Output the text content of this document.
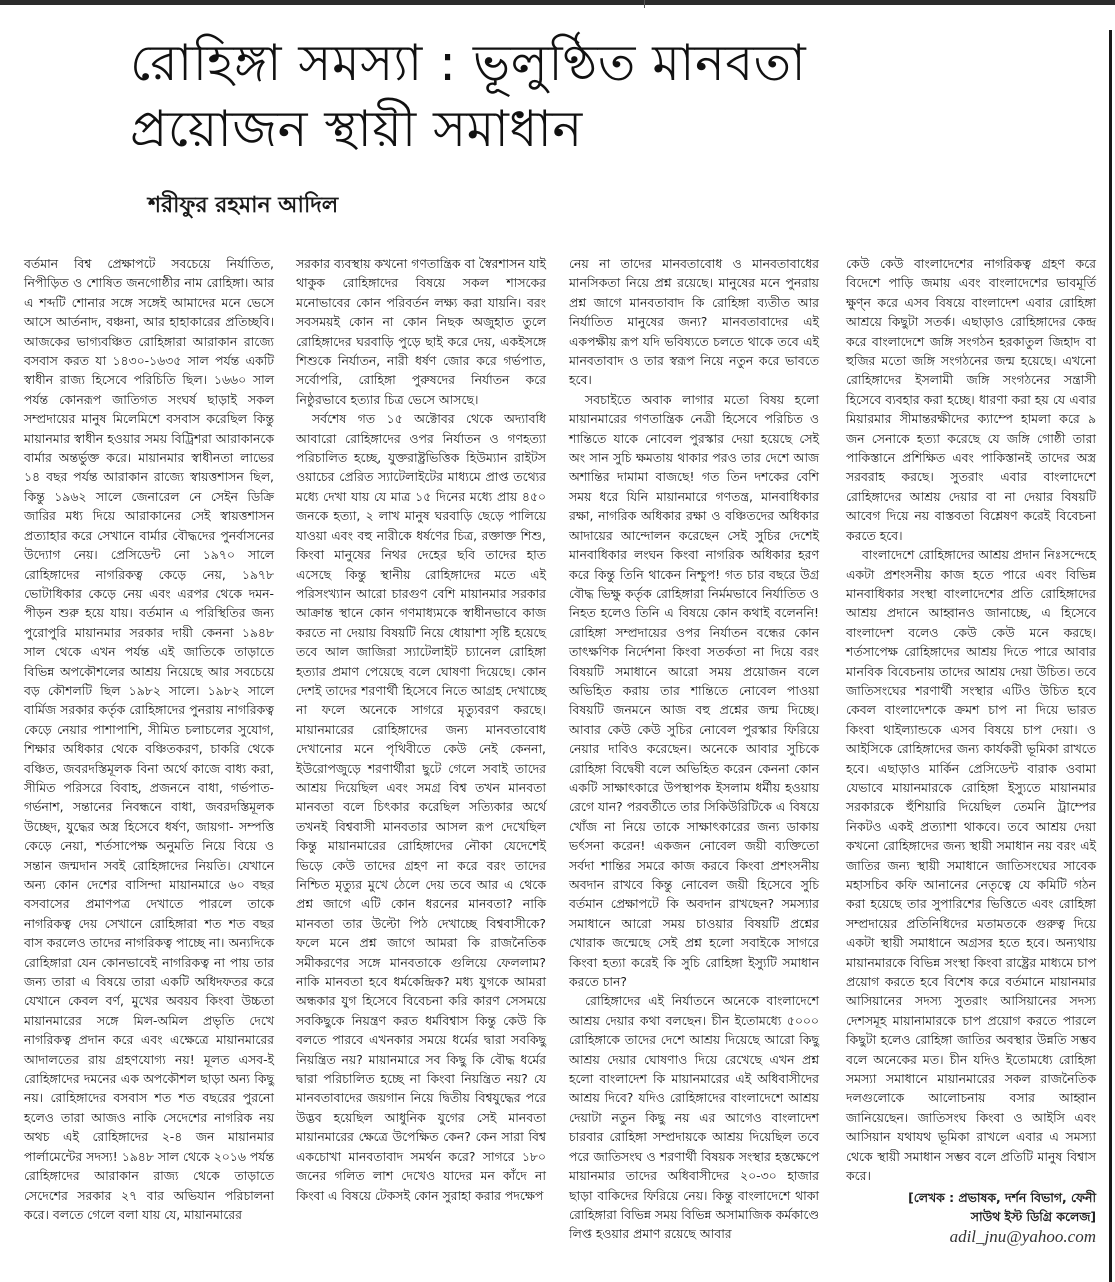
রোহিঙ্গা সমস্যা : ভূলুণ্ঠিত মানবতা
প্রয়োজন স্থায়ী সমাধান
শরীফুর রহমান আদিল

বর্তমান বিশ্ব প্রেক্ষাপটে সবচেয়ে নির্যাতিত, নিপীড়িত ও শোষিত জনগোষ্ঠীর নাম রোহিঙ্গা। আর এ শব্দটি শোনার সঙ্গে সঙ্গেই আমাদের মনে ভেসে আসে আর্তনাদ, বঞ্চনা, আর হাহাকারের প্রতিচ্ছবি। আজকের ভাগ্যবঞ্চিত রোহিঙ্গারা আরাকান রাজ্যে বসবাস করত যা ১৪৩০-১৬৩৫ সাল পর্যন্ত একটি স্বাধীন রাজ্য হিসেবে পরিচিতি ছিল। ১৬৬০ সাল পর্যন্ত কোনরূপ জাতিগত সংঘর্ষ ছাড়াই সকল সম্প্রদায়ের মানুষ মিলেমিশে বসবাস করেছিল কিন্তু মায়ানমার স্বাধীন হওয়ার সময় বিট্রিশরা আরাকানকে বার্মার অন্তর্ভুক্ত করে। মায়ানমার স্বাধীনতা লাভের ১৪ বছর পর্যন্ত আরাকান রাজ্যে স্বায়ত্তশাসন ছিল, কিন্তু ১৯৬২ সালে জেনারেল নে সেইন ডিক্রি জারির মধ্য দিয়ে আরাকানের সেই স্বায়ত্তশাসন প্রত্যাহার করে সেখানে বার্মার বৌদ্ধদের পুনর্বাসনের উদ্যোগ নেয়। প্রেসিডেন্ট নো ১৯৭০ সালে রোহিঙ্গাদের নাগরিকত্ব কেড়ে নেয়, ১৯৭৮ ভোটাধিকার কেড়ে নেয় এবং এরপর থেকে দমন-পীড়ন শুরু হয়ে যায়। বর্তমান এ পরিস্থিতির জন্য পুরোপুরি মায়ানমার সরকার দায়ী কেননা ১৯৪৮ সাল থেকে এখন পর্যন্ত এই জাতিকে তাড়াতে বিভিন্ন অপকৌশলের আশ্রয় নিয়েছে আর সবচেয়ে বড় কৌশলটি ছিল ১৯৮২ সালে। ১৯৮২ সালে বার্মিজ সরকার কর্তৃক রোহিঙ্গাদের পুনরায় নাগরিকত্ব কেড়ে নেয়ার পাশাপাশি, সীমিত চলাচলের সুযোগ, শিক্ষার অধিকার থেকে বঞ্চিতকরণ, চাকরি থেকে বঞ্চিত, জবরদস্তিমূলক বিনা অর্থে কাজে বাধ্য করা, সীমিত পরিসরে বিবাহ, প্রজননে বাধা, গর্ভপাত-গর্ভনাশ, সন্তানের নিবন্ধনে বাধা, জবরদস্তিমূলক উচ্ছেদ, যুদ্ধের অস্ত্র হিসেবে ধর্ষণ, জায়গা- সম্পত্তি কেড়ে নেয়া, শর্তসাপেক্ষ অনুমতি নিয়ে বিয়ে ও সন্তান জন্মদান সবই রোহিঙ্গাদের নিয়তি। যেখানে অন্য কোন দেশের বাসিন্দা মায়ানমারে ৬০ বছর বসবাসের প্রমাণপত্র দেখাতে পারলে তাকে নাগরিকত্ব দেয় সেখানে রোহিঙ্গারা শত শত বছর বাস করলেও তাদের নাগরিকত্ব পাচ্ছে না। অন্যদিকে রোহিঙ্গারা যেন কোনভাবেই নাগরিকত্ব না পায় তার জন্য তারা এ বিষয়ে তারা একটি অধিদফতর করে যেখানে কেবল বর্ণ, মুখের অবয়ব কিংবা উচ্চতা মায়ানমারের সঙ্গে মিল-অমিল প্রভৃতি দেখে নাগরিকত্ব প্রদান করে এবং এক্ষেত্রে মায়ানমারের আদালতের রায় গ্রহণযোগ্য নয়! মূলত এসব-ই রোহিঙ্গাদের দমনের এক অপকৌশল ছাড়া অন্য কিছু নয়। রোহিঙ্গাদের বসবাস শত শত বছরের পুরনো হলেও তারা আজও নাকি সেদেশের নাগরিক নয় অথচ এই রোহিঙ্গাদের ২-৪ জন মায়ানমার পার্লামেন্টের সদস্য! ১৯৪৮ সাল থেকে ২০১৬ পর্যন্ত রোহিঙ্গাদের আরাকান রাজ্য থেকে তাড়াতে সেদেশের সরকার ২৭ বার অভিযান পরিচালনা করে। বলতে গেলে বলা যায় যে, মায়ানমারের

সরকার ব্যবস্থায় কখনো গণতান্ত্রিক বা স্বৈরশাসন যাই থাকুক রোহিঙ্গাদের বিষয়ে সকল শাসকের মনোভাবের কোন পরিবর্তন লক্ষ্য করা যায়নি। বরং সবসময়ই কোন না কোন নিছক অজুহাত তুলে রোহিঙ্গাদের ঘরবাড়ি পুড়ে ছাই করে দেয়, একইসঙ্গে শিশুকে নির্যাতন, নারী ধর্ষণ জোর করে গর্ভপাত, সর্বোপরি, রোহিঙ্গা পুরুষদের নির্যাতন করে নিষ্ঠুরভাবে হত্যার চিত্র ভেসে আসছে।

সর্বশেষ গত ১৫ অক্টোবর থেকে অদ্যাবধি আবারো রোহিঙ্গাদের ওপর নির্যাতন ও গণহত্যা পরিচালিত হচ্ছে, যুক্তরাষ্ট্রভিত্তিক হিউম্যান রাইটস ওয়াচের প্রেরিত স্যাটেলাইটের মাধ্যমে প্রাপ্ত তথ্যের মধ্যে দেখা যায় যে মাত্র ১৫ দিনের মধ্যে প্রায় ৪৫০ জনকে হত্যা, ২ লাখ মানুষ ঘরবাড়ি ছেড়ে পালিয়ে যাওয়া এবং বহু নারীকে ধর্ষণের চিত্র, রক্তাক্ত শিশু, কিংবা মানুষের নিথর দেহের ছবি তাদের হাত এসেছে কিন্তু স্থানীয় রোহিঙ্গাদের মতে এই পরিসংখ্যান আরো চারগুণ বেশি মায়ানমার সরকার আক্রান্ত স্থানে কোন গণমাধ্যমকে স্বাধীনভাবে কাজ করতে না দেয়ায় বিষয়টি নিয়ে ধোয়াশা সৃষ্টি হয়েছে তবে আল জাজিরা স্যাটেলাইট চ্যানেল রোহিঙ্গা হত্যার প্রমাণ পেয়েছে বলে ঘোষণা দিয়েছে। কোন দেশই তাদের শরণার্থী হিসেবে নিতে আগ্রহ দেখাচ্ছে না ফলে অনেকে সাগরে মৃত্যুবরণ করছে। মায়ানমারের রোহিঙ্গাদের জন্য মানবতাবোধ দেখানোর মনে পৃথিবীতে কেউ নেই কেননা, ইউরোপজুড়ে শরণার্থীরা ছুটে গেলে সবাই তাদের আশ্রয় দিয়েছিল এবং সমগ্র বিশ্ব তখন মানবতা মানবতা বলে চিৎকার করেছিল সত্যিকার অর্থে তখনই বিশ্ববাসী মানবতার আসল রূপ দেখেছিল কিন্তু মায়ানমারের রোহিঙ্গাদের নৌকা যেদেশেই ভিড়ে কেউ তাদের গ্রহণ না করে বরং তাদের নিশ্চিত মৃত্যুর মুখে ঠেলে দেয় তবে আর এ থেকে প্রশ্ন জাগে এটি কোন ধরনের মানবতা? নাকি মানবতা তার উল্টো পিঠ দেখাচ্ছে বিশ্ববাসীকে? ফলে মনে প্রশ্ন জাগে আমরা কি রাজনৈতিক সমীকরণের সঙ্গে মানবতাকে গুলিয়ে ফেললাম? নাকি মানবতা হবে ধর্মকেন্দ্রিক? মধ্য যুগকে আমরা অন্ধকার যুগ হিসেবে বিবেচনা করি কারণ সেসময়ে সবকিছুকে নিয়ন্ত্রণ করত ধর্মবিশ্বাস কিন্তু কেউ কি বলতে পারবে এখনকার সময়ে ধর্মের দ্বারা সবকিছু নিয়ন্ত্রিত নয়? মায়ানমারে সব কিছু কি বৌদ্ধ ধর্মের দ্বারা পরিচালিত হচ্ছে না কিংবা নিয়ন্ত্রিত নয়? যে মানবতাবাদের জয়গান নিয়ে দ্বিতীয় বিশ্বযুদ্ধের পরে উদ্ভব হয়েছিল আধুনিক যুগের সেই মানবতা মায়ানমারের ক্ষেত্রে উপেক্ষিত কেন? কেন সারা বিশ্ব একচোখা মানবতাবাদ সমর্থন করে? সাগরে ১৮০ জনের গলিত লাশ দেখেও যাদের মন কাঁদে না কিংবা এ বিষয়ে টেকসই কোন সুরাহা করার পদক্ষেপ

নেয় না তাদের মানবতাবোধ ও মানবতাবাধের মানসিকতা নিয়ে প্রশ্ন রয়েছে। মানুষের মনে পুনরায় প্রশ্ন জাগে মানবতাবাদ কি রোহিঙ্গা ব্যতীত আর নির্যাতিত মানুষের জন্য? মানবতাবাদের এই একপক্ষীয় রূপ যদি ভবিষ্যতে চলতে থাকে তবে এই মানবতাবাদ ও তার স্বরূপ নিয়ে নতুন করে ভাবতে হবে।

সবচাইতে অবাক লাগার মতো বিষয় হলো মায়ানমারের গণতান্ত্রিক নেত্রী হিসেবে পরিচিত ও শান্তিতে যাকে নোবেল পুরস্কার দেয়া হয়েছে সেই অং সান সুচি ক্ষমতায় থাকার পরও তার দেশে আজ অশান্তির দামামা বাজছে! গত তিন দশকের বেশি সময় ধরে যিনি মায়ানমারে গণতন্ত্র, মানবাধিকার রক্ষা, নাগরিক অধিকার রক্ষা ও বঞ্চিতদের অধিকার আদায়ের আন্দোলন করেছেন সেই সুচির দেশেই মানবাধিকার লংঘন কিংবা নাগরিক অধিকার হরণ করে কিন্তু তিনি থাকেন নিশ্চুপ! গত চার বছরে উগ্র বৌদ্ধ ভিক্ষু কর্তৃক রোহিঙ্গারা নির্মমভাবে নির্যাতিত ও নিহত হলেও তিনি এ বিষয়ে কোন কথাই বলেননি! রোহিঙ্গা সম্প্রদায়ের ওপর নির্যাতন বন্ধের কোন তাৎক্ষণিক নির্দেশনা কিংবা সতর্কতা না দিয়ে বরং বিষয়টি সমাধানে আরো সময় প্রয়োজন বলে অভিহিত করায় তার শান্তিতে নোবেল পাওয়া বিষয়টি জনমনে আজ বহু প্রশ্নের জন্ম দিচ্ছে। আবার কেউ কেউ সুচির নোবেল পুরস্কার ফিরিয়ে নেয়ার দাবিও করেছেন। অনেকে আবার সুচিকে রোহিঙ্গা বিদ্বেষী বলে অভিহিত করেন কেননা কোন একটি সাক্ষাৎকারে উপস্থাপক ইসলাম ধর্মীয় হওয়ায় রেগে যান? পরবর্তীতে তার সিকিউরিটিকে এ বিষয়ে খোঁজ না নিয়ে তাকে সাক্ষাৎকারের জন্য ডাকায় ভর্ৎসনা করেন! একজন নোবেল জয়ী ব্যক্তিতো সর্বদা শান্তির সমরে কাজ করবে কিংবা প্রশংসনীয় অবদান রাখবে কিন্তু নোবেল জয়ী হিসেবে সুচি বর্তমান প্রেক্ষাপটে কি অবদান রাখছেন? সমস্যার সমাধানে আরো সময় চাওয়ার বিষয়টি প্রশ্নের খোরাক জন্মেছে সেই প্রশ্ন হলো সবাইকে সাগরে কিংবা হত্যা করেই কি সুচি রোহিঙ্গা ইস্যুটি সমাধান করতে চান?

রোহিঙ্গাদের এই নির্যাতনে অনেকে বাংলাদেশে আশ্রয় দেয়ার কথা বলছেন। চীন ইতোমধ্যে ৫০০০ রোহিঙ্গাকে তাদের দেশে আশ্রয় দিয়েছে আরো কিছু আশ্রয় দেয়ার ঘোষণাও দিয়ে রেখেছে এখন প্রশ্ন হলো বাংলাদেশ কি মায়ানমারের এই অধিবাসীদের আশ্রয় দিবে? যদিও রোহিঙ্গাদের বাংলাদেশে আশ্রয় দেয়াটা নতুন কিছু নয় এর আগেও বাংলাদেশ চারবার রোহিঙ্গা সম্প্রদায়কে আশ্রয় দিয়েছিল তবে পরে জাতিসংঘ ও শরণার্থী বিষয়ক সংস্থার হস্তক্ষেপে মায়ানমার তাদের অধিবাসীদের ২০-৩০ হাজার ছাড়া বাকিদের ফিরিয়ে নেয়। কিন্তু বাংলাদেশে থাকা রোহিঙ্গারা বিভিন্ন সময় বিভিন্ন অসামাজিক কর্মকাণ্ডে লিপ্ত হওয়ার প্রমাণ রয়েছে আবার

কেউ কেউ বাংলাদেশের নাগরিকত্ব গ্রহণ করে বিদেশে পাড়ি জমায় এবং বাংলাদেশের ভাবমূর্তি ক্ষুণ্ন করে এসব বিষয়ে বাংলাদেশ এবার রোহিঙ্গা আশ্রয়ে কিছুটা সতর্ক। এছাড়াও রোহিঙ্গাদের কেন্দ্র করে বাংলাদেশে জঙ্গি সংগঠন হরকাতুল জিহাদ বা হুজির মতো জঙ্গি সংগঠনের জন্ম হয়েছে। এখনো রোহিঙ্গাদের ইসলামী জঙ্গি সংগঠনের সন্ত্রাসী হিসেবে ব্যবহার করা হচ্ছে। ধারণা করা হয় যে এবার মিয়ারমার সীমান্তরক্ষীদের ক্যাম্পে হামলা করে ৯ জন সেনাকে হত্যা করেছে যে জঙ্গি গোষ্ঠী তারা পাকিস্তানে প্রশিক্ষিত এবং পাকিস্তানই তাদের অস্ত্র সরবরাহ করছে। সুতরাং এবার বাংলাদেশে রোহিঙ্গাদের আশ্রয় দেয়ার বা না দেয়ার বিষয়টি আবেগ দিয়ে নয় বাস্তবতা বিশ্লেষণ করেই বিবেচনা করতে হবে।

বাংলাদেশে রোহিঙ্গাদের আশ্রয় প্রদান নিঃসন্দেহে একটা প্রশংসনীয় কাজ হতে পারে এবং বিভিন্ন মানবাধিকার সংস্থা বাংলাদেশের প্রতি রোহিঙ্গাদের আশ্রয় প্রদানে আহ্বানও জানাচ্ছে, এ হিসেবে বাংলাদেশ বলেও কেউ কেউ মনে করছে। শর্তসাপেক্ষ রোহিঙ্গাদের আশ্রয় দিতে পারে আবার মানবিক বিবেচনায় তাদের আশ্রয় দেয়া উচিত। তবে জাতিসংঘের শরণার্থী সংস্থার এটিও উচিত হবে কেবল বাংলাদেশকে ক্রমশ চাপ না দিয়ে ভারত কিংবা থাইল্যান্ডকে এসব বিষয়ে চাপ দেয়া। ও আইসিকে রোহিঙ্গাদের জন্য কার্যকরী ভূমিকা রাখতে হবে। এছাড়াও মার্কিন প্রেসিডেন্ট বারাক ওবামা যেভাবে মায়ানমারকে রোহিঙ্গা ইস্যুতে মায়ানমার সরকারকে হুঁশিয়ারি দিয়েছিল তেমনি ট্রাম্পের নিকটও একই প্রত্যাশা থাকবে। তবে আশ্রয় দেয়া কখনো রোহিঙ্গাদের জন্য স্থায়ী সমাধান নয় বরং এই জাতির জন্য স্থায়ী সমাধানে জাতিসংঘের সাবেক মহাসচিব কফি আনানের নেতৃত্বে যে কমিটি গঠন করা হয়েছে তার সুপারিশের ভিত্তিতে এবং রোহিঙ্গা সম্প্রদায়ের প্রতিনিধিদের মতামতকে গুরুত্ব দিয়ে একটা স্থায়ী সমাধানে অগ্রসর হতে হবে। অন্যথায় মায়ানমারকে বিভিন্ন সংস্থা কিংবা রাষ্ট্রের মাধ্যমে চাপ প্রয়োগ করতে হবে বিশেষ করে বর্তমানে মায়ানমার আসিয়ানের সদস্য সুতরাং আসিয়ানের সদস্য দেশসমূহ মায়ানামারকে চাপ প্রয়োগ করতে পারলে কিছুটা হলেও রোহিঙ্গা জাতির অবস্থার উন্নতি সম্ভব বলে অনেকের মত। চীন যদিও ইতোমধ্যে রোহিঙ্গা সমস্যা সমাধানে মায়ানমারের সকল রাজনৈতিক দলগুলোকে আলোচনায় বসার আহ্বান জানিয়েছেন। জাতিসংঘ কিংবা ও আইসি এবং আসিয়ান যথাযথ ভূমিকা রাখলে এবার এ সমস্যা থেকে স্থায়ী সমাধান সম্ভব বলে প্রতিটি মানুষ বিশ্বাস করে।

[লেখক : প্রভাষক, দর্শন বিভাগ, ফেনী
সাউথ ইস্ট ডিগ্রি কলেজ]
adil_jnu@yahoo.com
